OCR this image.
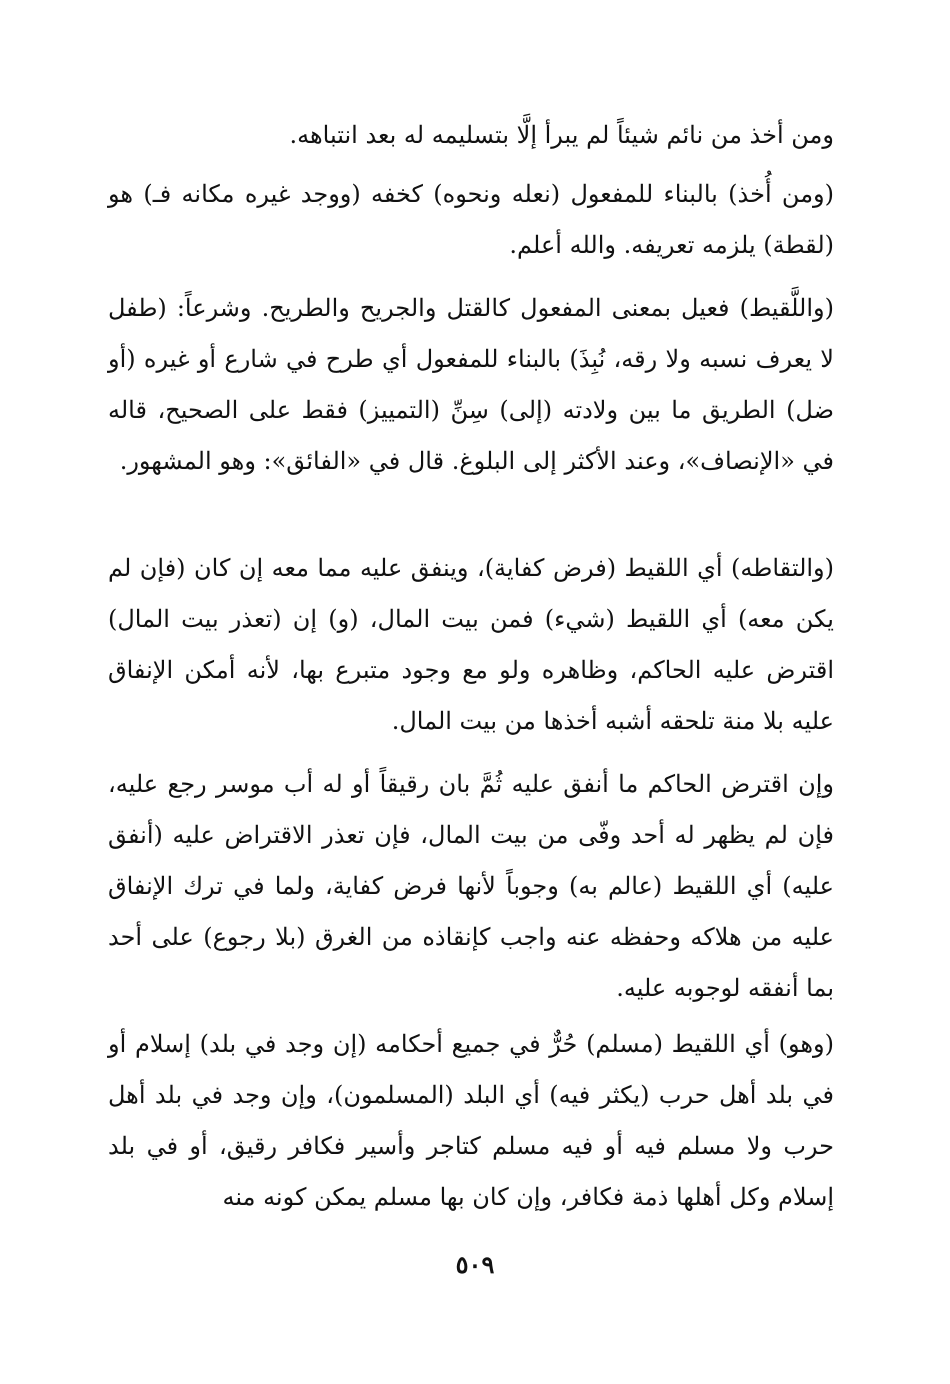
ومن أخذ من نائم شيئاً لم يبرأ إلَّا بتسليمه له بعد انتباهه.

(ومن أُخذ) بالبناء للمفعول (نعله ونحوه) كخفه (ووجد غيره مكانه فـ) هو (لقطة) يلزمه تعريفه. والله أعلم.

(واللَّقيط) فعيل بمعنى المفعول كالقتل والجريح والطريح. وشرعاً: (طفل لا يعرف نسبه ولا رقه، نُبِذَ) بالبناء للمفعول أي طرح في شارع أو غيره (أو ضل) الطريق ما بين ولادته (إلى) سِنِّ (التمييز) فقط على الصحيح، قاله في «الإنصاف»، وعند الأكثر إلى البلوغ. قال في «الفائق»: وهو المشهور.

(والتقاطه) أي اللقيط (فرض كفاية)، وينفق عليه مما معه إن كان (فإن لم يكن معه) أي اللقيط (شيء) فمن بيت المال، (و) إن (تعذر بيت المال) اقترض عليه الحاكم، وظاهره ولو مع وجود متبرع بها، لأنه أمكن الإنفاق عليه بلا منة تلحقه أشبه أخذها من بيت المال.

وإن اقترض الحاكم ما أنفق عليه ثُمَّ بان رقيقاً أو له أب موسر رجع عليه، فإن لم يظهر له أحد وفّى من بيت المال، فإن تعذر الاقتراض عليه (أنفق عليه) أي اللقيط (عالم به) وجوباً لأنها فرض كفاية، ولما في ترك الإنفاق عليه من هلاكه وحفظه عنه واجب كإنقاذه من الغرق (بلا رجوع) على أحد بما أنفقه لوجوبه عليه.

(وهو) أي اللقيط (مسلم) حُرٌّ في جميع أحكامه (إن وجد في بلد) إسلام أو في بلد أهل حرب (يكثر فيه) أي البلد (المسلمون)، وإن وجد في بلد أهل حرب ولا مسلم فيه أو فيه مسلم كتاجر وأسير فكافر رقيق، أو في بلد إسلام وكل أهلها ذمة فكافر، وإن كان بها مسلم يمكن كونه منه

٥٠٩
